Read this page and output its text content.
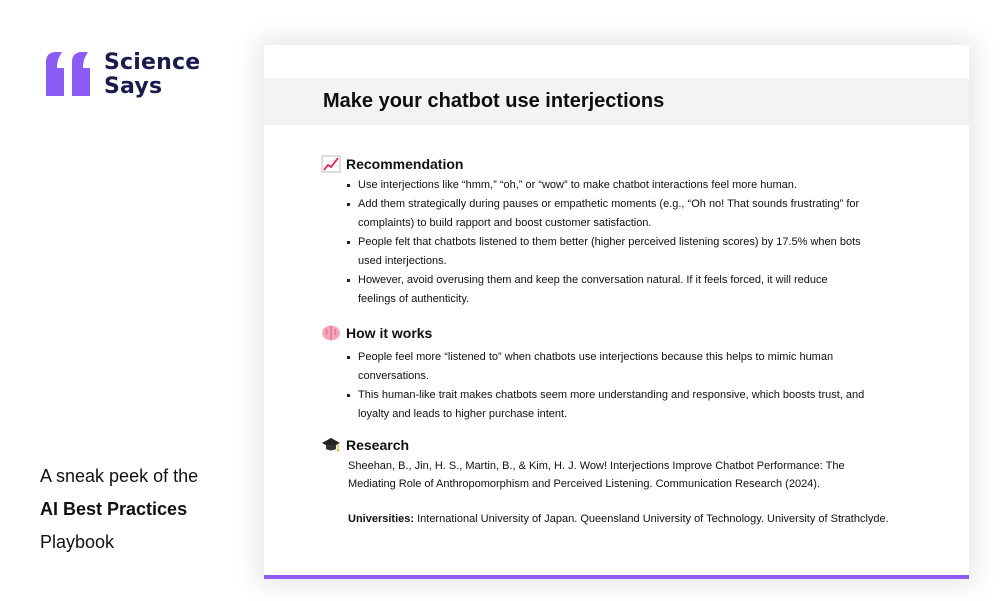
Science
Says
A sneak peek of the
AI Best Practices
Playbook
Make your chatbot use interjections
Recommendation
Use interjections like “hmm,” “oh,” or “wow” to make chatbot interactions feel more human.
Add them strategically during pauses or empathetic moments (e.g., “Oh no! That sounds frustrating” for complaints) to build rapport and boost customer satisfaction.
People felt that chatbots listened to them better (higher perceived listening scores) by 17.5% when bots used interjections.
However, avoid overusing them and keep the conversation natural. If it feels forced, it will reduce feelings of authenticity.
How it works
People feel more “listened to” when chatbots use interjections because this helps to mimic human conversations.
This human-like trait makes chatbots seem more understanding and responsive, which boosts trust, and loyalty and leads to higher purchase intent.
Research
Sheehan, B., Jin, H. S., Martin, B., & Kim, H. J. Wow! Interjections Improve Chatbot Performance: The Mediating Role of Anthropomorphism and Perceived Listening. Communication Research (2024).
Universities: International University of Japan. Queensland University of Technology. University of Strathclyde.
